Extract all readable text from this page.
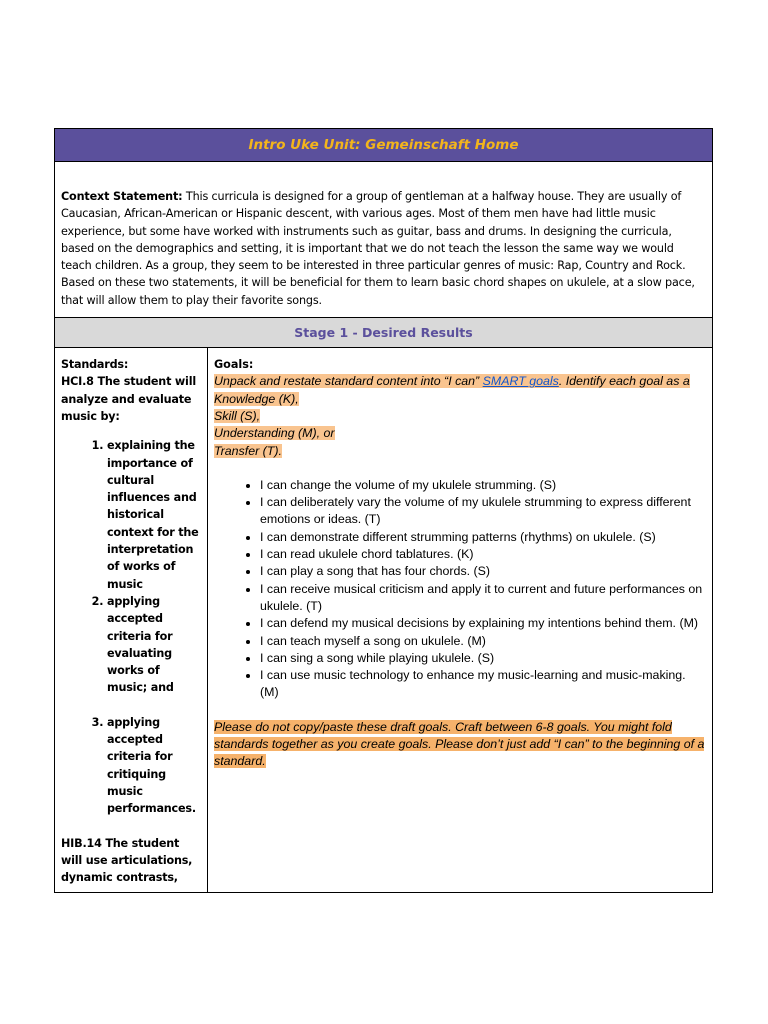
Intro Uke Unit: Gemeinschaft Home
Context Statement: This curricula is designed for a group of gentleman at a halfway house. They are usually of Caucasian, African-American or Hispanic descent, with various ages. Most of them men have had little music experience, but some have worked with instruments such as guitar, bass and drums. In designing the curricula, based on the demographics and setting, it is important that we do not teach the lesson the same way we would teach children. As a group, they seem to be interested in three particular genres of music: Rap, Country and Rock. Based on these two statements, it will be beneficial for them to learn basic chord shapes on ukulele, at a slow pace, that will allow them to play their favorite songs.
Stage 1 - Desired Results

Standards:
HCI.8 The student will analyze and evaluate music by:
1. explaining the importance of cultural influences and historical context for the interpretation of works of music
2. applying accepted criteria for evaluating works of music; and
3. applying accepted criteria for critiquing music performances.
HIB.14 The student will use articulations, dynamic contrasts,

Goals:
Unpack and restate standard content into “I can” SMART goals. Identify each goal as a Knowledge (K),
Skill (S),
Understanding (M), or
Transfer (T).
• I can change the volume of my ukulele strumming. (S)
• I can deliberately vary the volume of my ukulele strumming to express different emotions or ideas. (T)
• I can demonstrate different strumming patterns (rhythms) on ukulele. (S)
• I can read ukulele chord tablatures. (K)
• I can play a song that has four chords. (S)
• I can receive musical criticism and apply it to current and future performances on ukulele. (T)
• I can defend my musical decisions by explaining my intentions behind them. (M)
• I can teach myself a song on ukulele. (M)
• I can sing a song while playing ukulele. (S)
• I can use music technology to enhance my music-learning and music-making. (M)
Please do not copy/paste these draft goals. Craft between 6-8 goals. You might fold standards together as you create goals. Please don’t just add “I can” to the beginning of a standard.
